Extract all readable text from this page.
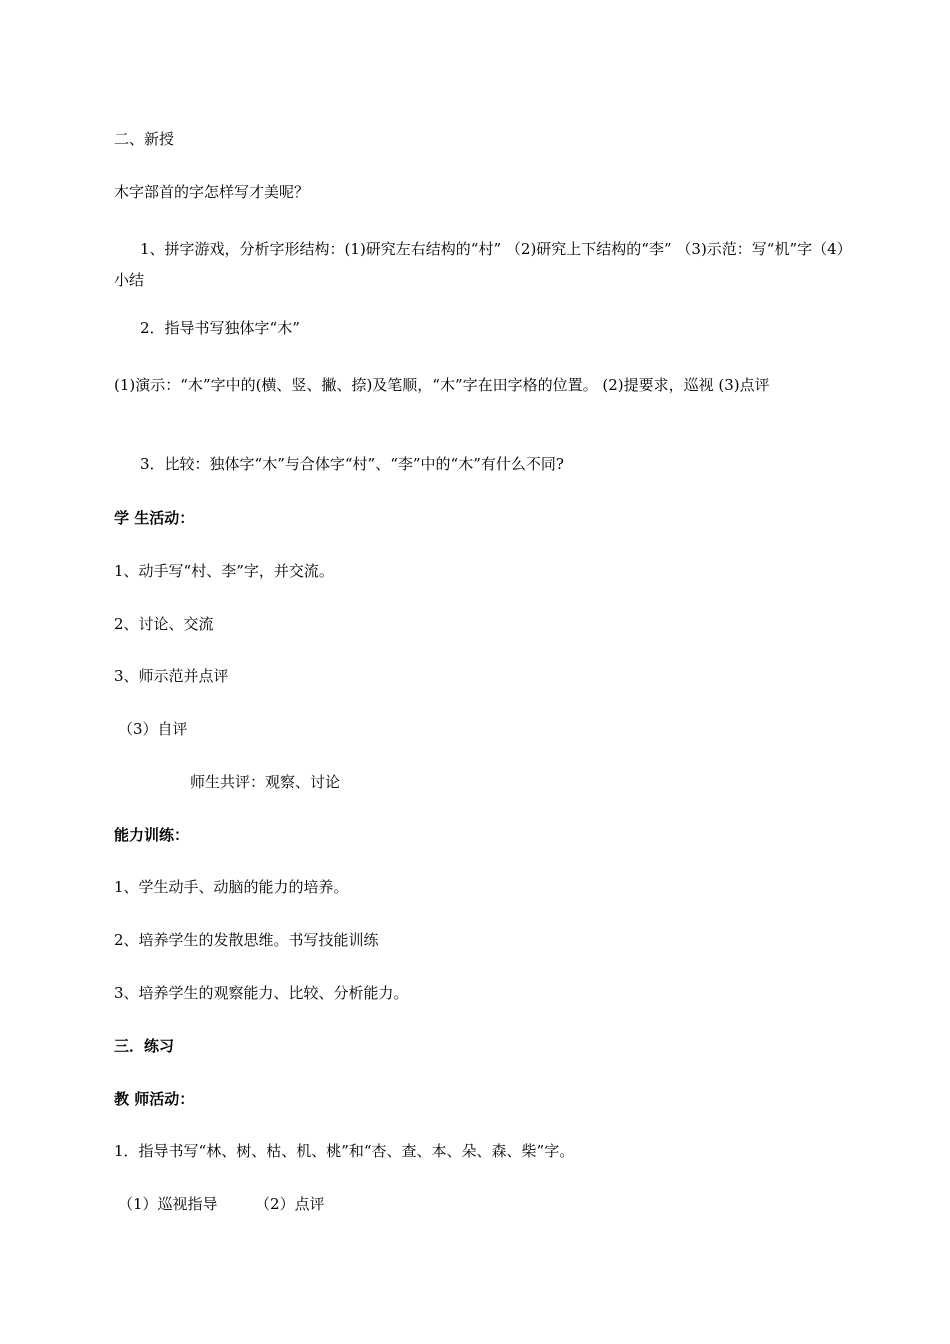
二、新授
木字部首的字怎样写才美呢？
1、拼字游戏，分析字形结构：(1)研究左右结构的“村” （2)研究上下结构的“李” （3)示范：写“机”字（4）小结
2．指导书写独体字“木”
(1)演示：“木”字中的(横、竖、撇、捺)及笔顺，“木”字在田字格的位置。 (2)提要求，巡视 (3)点评
3．比较：独体字“木”与合体字“村”、“李”中的“木”有什么不同?
学 生活动：
1、动手写“村、李”字，并交流。
2、讨论、交流
3、师示范并点评
（3）自评
师生共评：观察、讨论
能力训练：
1、学生动手、动脑的能力的培养。
2、培养学生的发散思维。书写技能训练
3、培养学生的观察能力、比较、分析能力。
三．练习
教 师活动：
1．指导书写“林、树、枯、机、桃”和“杏、查、本、朵、森、柴”字。
（1）巡视指导　　　（2）点评
